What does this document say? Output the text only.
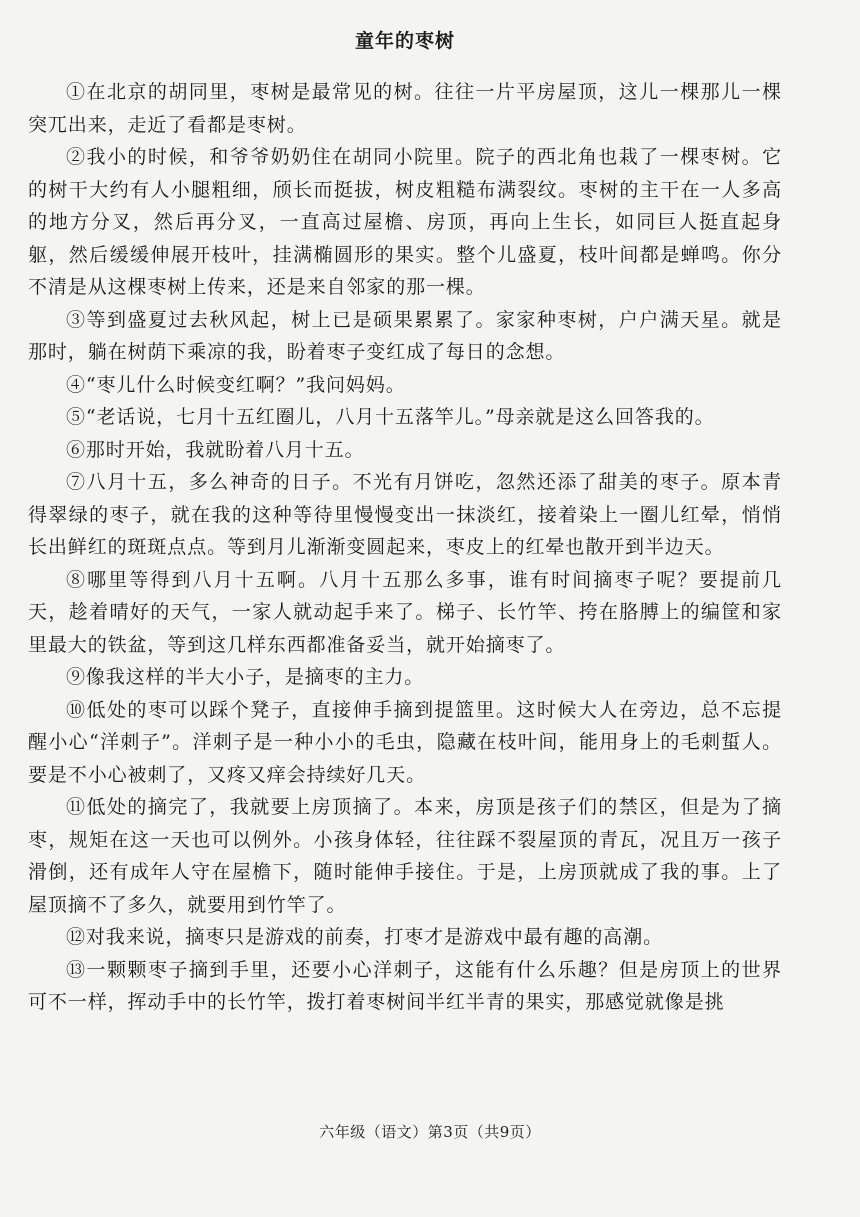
童年的枣树

①在北京的胡同里，枣树是最常见的树。往往一片平房屋顶，这儿一棵那儿一棵突兀出来，走近了看都是枣树。

②我小的时候，和爷爷奶奶住在胡同小院里。院子的西北角也栽了一棵枣树。它的树干大约有人小腿粗细，颀长而挺拔，树皮粗糙布满裂纹。枣树的主干在一人多高的地方分叉，然后再分叉，一直高过屋檐、房顶，再向上生长，如同巨人挺直起身躯，然后缓缓伸展开枝叶，挂满椭圆形的果实。整个儿盛夏，枝叶间都是蝉鸣。你分不清是从这棵枣树上传来，还是来自邻家的那一棵。

③等到盛夏过去秋风起，树上已是硕果累累了。家家种枣树，户户满天星。就是那时，躺在树荫下乘凉的我，盼着枣子变红成了每日的念想。

④“枣儿什么时候变红啊？”我问妈妈。

⑤“老话说，七月十五红圈儿，八月十五落竿儿。”母亲就是这么回答我的。

⑥那时开始，我就盼着八月十五。

⑦八月十五，多么神奇的日子。不光有月饼吃，忽然还添了甜美的枣子。原本青得翠绿的枣子，就在我的这种等待里慢慢变出一抹淡红，接着染上一圈儿红晕，悄悄长出鲜红的斑斑点点。等到月儿渐渐变圆起来，枣皮上的红晕也散开到半边天。

⑧哪里等得到八月十五啊。八月十五那么多事，谁有时间摘枣子呢？要提前几天，趁着晴好的天气，一家人就动起手来了。梯子、长竹竿、挎在胳膊上的编筐和家里最大的铁盆，等到这几样东西都准备妥当，就开始摘枣了。

⑨像我这样的半大小子，是摘枣的主力。

⑩低处的枣可以踩个凳子，直接伸手摘到提篮里。这时候大人在旁边，总不忘提醒小心“洋刺子”。洋刺子是一种小小的毛虫，隐藏在枝叶间，能用身上的毛刺蜇人。要是不小心被刺了，又疼又痒会持续好几天。

⑪低处的摘完了，我就要上房顶摘了。本来，房顶是孩子们的禁区，但是为了摘枣，规矩在这一天也可以例外。小孩身体轻，往往踩不裂屋顶的青瓦，况且万一孩子滑倒，还有成年人守在屋檐下，随时能伸手接住。于是，上房顶就成了我的事。上了屋顶摘不了多久，就要用到竹竿了。

⑫对我来说，摘枣只是游戏的前奏，打枣才是游戏中最有趣的高潮。

⑬一颗颗枣子摘到手里，还要小心洋刺子，这能有什么乐趣？但是房顶上的世界可不一样，挥动手中的长竹竿，拨打着枣树间半红半青的果实，那感觉就像是挑

六年级（语文）第3页（共9页）
